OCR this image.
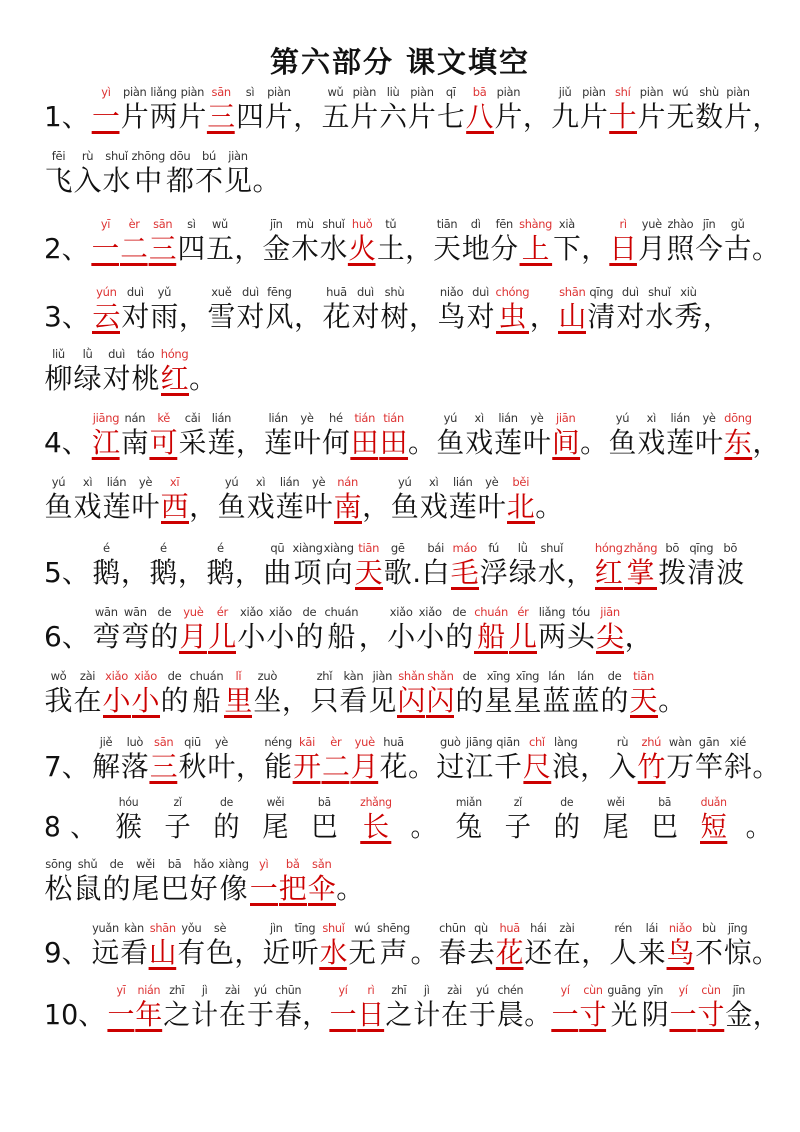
第六部分 课文填空
1、
yì
一
piàn
片
liǎng
两
piàn
片
sān
三
sì
四
piàn
片 ，
wǔ
五
piàn
片
liù
六
piàn
片
qī
七
bā
八
piàn
片 ，
jiǔ
九
piàn
片
shí
十
piàn
片
wú
无
shù
数
piàn
片 ，
fēi
飞
rù
入
shuǐ
水
zhōng
中
dōu
都
bú
不
jiàn
见 。
2、
yī
一
èr
二
sān
三
sì
四
wǔ
五 ，
jīn
金
mù
木
shuǐ
水
huǒ
火
tǔ
土 ，
tiān
天
dì
地
fēn
分
shàng
上
xià
下 ，
rì
日
yuè
月
zhào
照
jīn
今
gǔ
古 。
3、
yún
云
duì
对
yǔ
雨 ，
xuě
雪
duì
对
fēng
风 ，
huā
花
duì
对
shù
树 ，
niǎo
鸟
duì
对
chóng
虫 ，
shān
山
qīng
清
duì
对
shuǐ
水
xiù
秀 ，
liǔ
柳
lǜ
绿
duì
对
táo
桃
hóng
红 。
4、
jiāng
江
nán
南
kě
可
cǎi
采
lián
莲 ，
lián
莲
yè
叶
hé
何
tián
田
tián
田 。
yú
鱼
xì
戏
lián
莲
yè
叶
jiān
间 。
yú
鱼
xì
戏
lián
莲
yè
叶
dōng
东 ，
yú
鱼
xì
戏
lián
莲
yè
叶
xī
西 ，
yú
鱼
xì
戏
lián
莲
yè
叶
nán
南 ，
yú
鱼
xì
戏
lián
莲
yè
叶
běi
北 。
5、
é
鹅 ，
é
鹅 ，
é
鹅 ，
qū
曲
xiàng
项
xiàng
向
tiān
天
gē
歌 .
bái
白
máo
毛
fú
浮
lǜ
绿
shuǐ
水 ，
hóng
红
zhǎng
掌
bō
拨
qīng
清
bō
波
6、
wān
弯
wān
弯
de
的
yuè
月
ér
儿
xiǎo
小
xiǎo
小
de
的
chuán
船 ，
xiǎo
小
xiǎo
小
de
的
chuán
船
ér
儿
liǎng
两
tóu
头
jiān
尖 ，
wǒ
我
zài
在
xiǎo
小
xiǎo
小
de
的
chuán
船
lǐ
里
zuò
坐 ，
zhǐ
只
kàn
看
jiàn
见
shǎn
闪
shǎn
闪
de
的
xīng
星
xīng
星
lán
蓝
lán
蓝
de
的
tiān
天 。
7、
jiě
解
luò
落
sān
三
qiū
秋
yè
叶 ，
néng
能
kāi
开
èr
二
yuè
月
huā
花 。
guò
过
jiāng
江
qiān
千
chǐ
尺
làng
浪 ，
rù
入
zhú
竹
wàn
万
gān
竿
xié
斜 。
8 、
hóu
猴
zǐ
子
de
的
wěi
尾
bā
巴
zhǎng
长 。
miǎn
兔
zǐ
子
de
的
wěi
尾
bā
巴
duǎn
短 。
sōng
松
shǔ
鼠
de
的
wěi
尾
bā
巴
hǎo
好
xiàng
像
yì
一
bǎ
把
sǎn
伞 。
9、
yuǎn
远
kàn
看
shān
山
yǒu
有
sè
色 ，
jìn
近
tīng
听
shuǐ
水
wú
无
shēng
声 。
chūn
春
qù
去
huā
花
hái
还
zài
在 ，
rén
人
lái
来
niǎo
鸟
bù
不
jīng
惊 。
10、
yī
一
nián
年
zhī
之
jì
计
zài
在
yú
于
chūn
春 ，
yí
一
rì
日
zhī
之
jì
计
zài
在
yú
于
chén
晨 。
yí
一
cùn
寸
guāng
光
yīn
阴
yí
一
cùn
寸
jīn
金 ，
